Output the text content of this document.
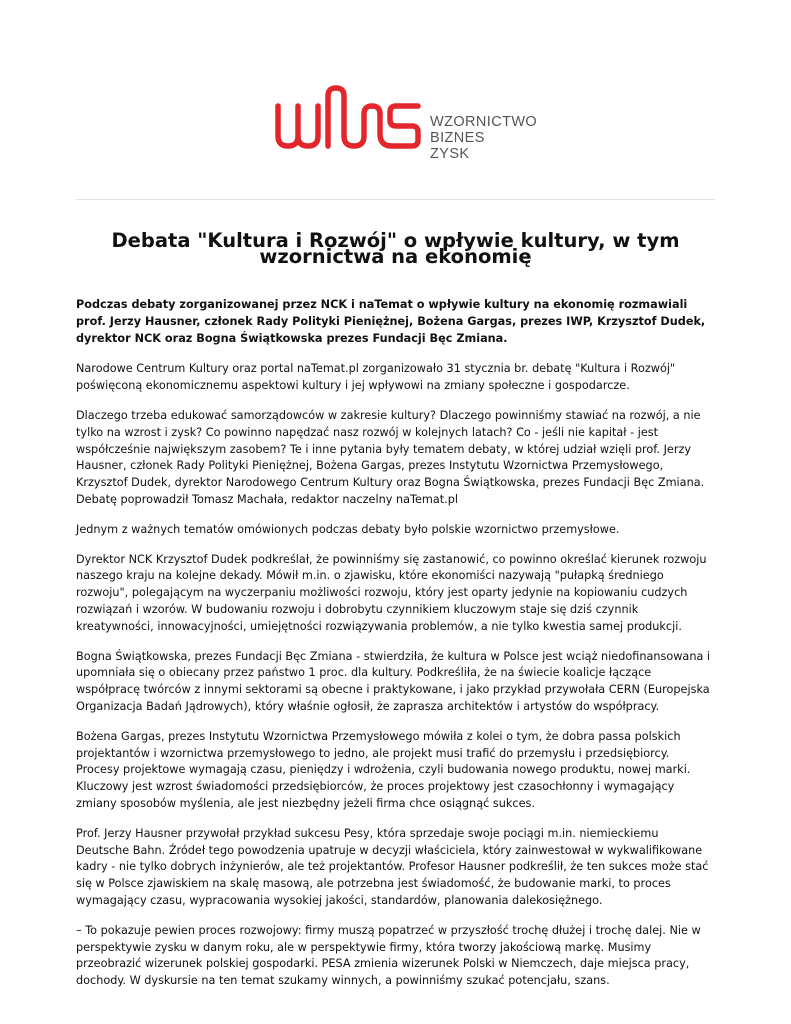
WZORNICTWO
BIZNES
ZYSK
Debata "Kultura i Rozwój" o wpływie kultury, w tym wzornictwa na ekonomię

Podczas debaty zorganizowanej przez NCK i naTemat o wpływie kultury na ekonomię rozmawiali prof. Jerzy Hausner, członek Rady Polityki Pieniężnej, Bożena Gargas, prezes IWP, Krzysztof Dudek, dyrektor NCK oraz Bogna Świątkowska prezes Fundacji Bęc Zmiana.

Narodowe Centrum Kultury oraz portal naTemat.pl zorganizowało 31 stycznia br. debatę "Kultura i Rozwój" poświęconą ekonomicznemu aspektowi kultury i jej wpływowi na zmiany społeczne i gospodarcze.

Dlaczego trzeba edukować samorządowców w zakresie kultury? Dlaczego powinniśmy stawiać na rozwój, a nie tylko na wzrost i zysk? Co powinno napędzać nasz rozwój w kolejnych latach? Co - jeśli nie kapitał - jest współcześnie największym zasobem? Te i inne pytania były tematem debaty, w której udział wzięli prof. Jerzy Hausner, członek Rady Polityki Pieniężnej, Bożena Gargas, prezes Instytutu Wzornictwa Przemysłowego, Krzysztof Dudek, dyrektor Narodowego Centrum Kultury oraz Bogna Świątkowska, prezes Fundacji Bęc Zmiana. Debatę poprowadził Tomasz Machała, redaktor naczelny naTemat.pl

Jednym z ważnych tematów omówionych podczas debaty było polskie wzornictwo przemysłowe.

Dyrektor NCK Krzysztof Dudek podkreślał, że powinniśmy się zastanowić, co powinno określać kierunek rozwoju naszego kraju na kolejne dekady. Mówił m.in. o zjawisku, które ekonomiści nazywają "pułapką średniego rozwoju", polegającym na wyczerpaniu możliwości rozwoju, który jest oparty jedynie na kopiowaniu cudzych rozwiązań i wzorów. W budowaniu rozwoju i dobrobytu czynnikiem kluczowym staje się dziś czynnik kreatywności, innowacyjności, umiejętności rozwiązywania problemów, a nie tylko kwestia samej produkcji.

Bogna Świątkowska, prezes Fundacji Bęc Zmiana - stwierdziła, że kultura w Polsce jest wciąż niedofinansowana i upomniała się o obiecany przez państwo 1 proc. dla kultury. Podkreśliła, że na świecie koalicje łączące współpracę twórców z innymi sektorami są obecne i praktykowane, i jako przykład przywołała CERN (Europejska Organizacja Badań Jądrowych), który właśnie ogłosił, że zaprasza architektów i artystów do współpracy.

Bożena Gargas, prezes Instytutu Wzornictwa Przemysłowego mówiła z kolei o tym, że dobra passa polskich projektantów i wzornictwa przemysłowego to jedno, ale projekt musi trafić do przemysłu i przedsiębiorcy. Procesy projektowe wymagają czasu, pieniędzy i wdrożenia, czyli budowania nowego produktu, nowej marki. Kluczowy jest wzrost świadomości przedsiębiorców, że proces projektowy jest czasochłonny i wymagający zmiany sposobów myślenia, ale jest niezbędny jeżeli firma chce osiągnąć sukces.

Prof. Jerzy Hausner przywołał przykład sukcesu Pesy, która sprzedaje swoje pociągi m.in. niemieckiemu Deutsche Bahn. Źródeł tego powodzenia upatruje w decyzji właściciela, który zainwestował w wykwalifikowane kadry - nie tylko dobrych inżynierów, ale też projektantów. Profesor Hausner podkreślił, że ten sukces może stać się w Polsce zjawiskiem na skalę masową, ale potrzebna jest świadomość, że budowanie marki, to proces wymagający czasu, wypracowania wysokiej jakości, standardów, planowania dalekosiężnego.

– To pokazuje pewien proces rozwojowy: firmy muszą popatrzeć w przyszłość trochę dłużej i trochę dalej. Nie w perspektywie zysku w danym roku, ale w perspektywie firmy, która tworzy jakościową markę. Musimy przeobrazić wizerunek polskiej gospodarki. PESA zmienia wizerunek Polski w Niemczech, daje miejsca pracy, dochody. W dyskursie na ten temat szukamy winnych, a powinniśmy szukać potencjału, szans.
